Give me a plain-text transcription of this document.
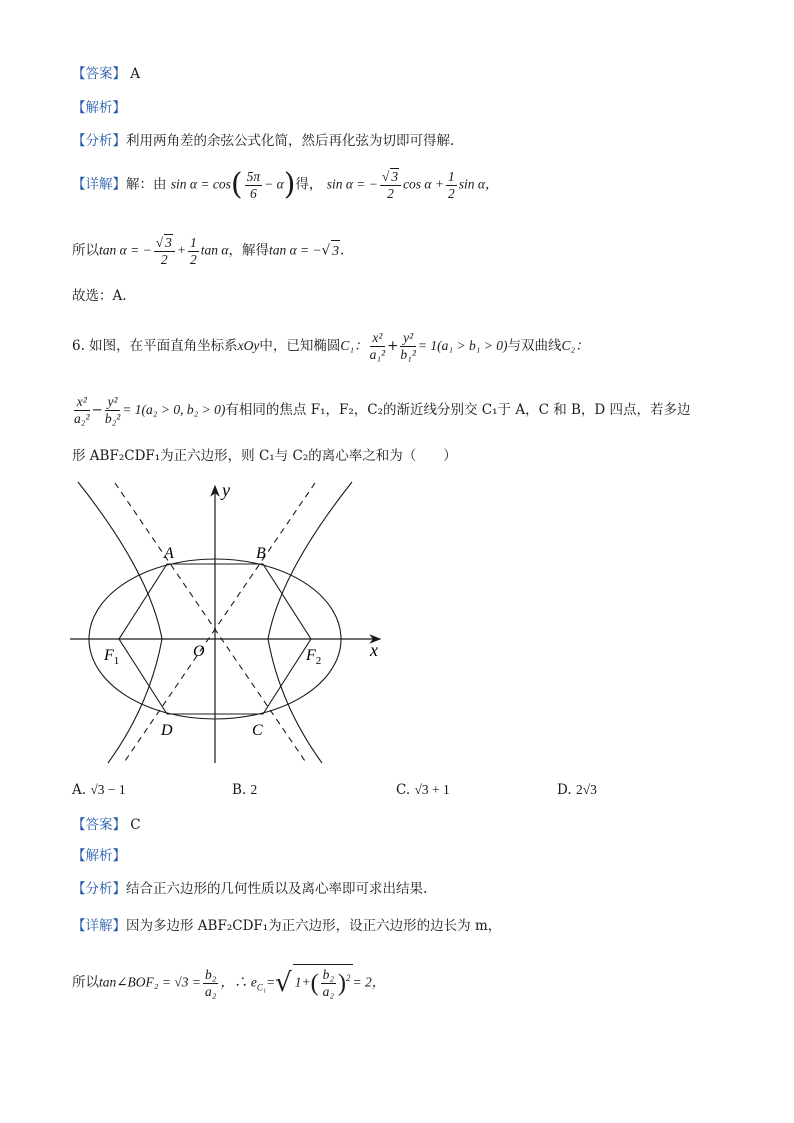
【答案】 A
【解析】
【分析】利用两角差的余弦公式化简，然后再化弦为切即可得解.
【详解】解：由 $\sin \alpha = \cos( \frac{5\pi}{6} - \alpha)$得， sin α = − $\frac{√ 3}{2}$ $\cos \alpha + \frac{1}{2}$ sin α，
所以tan α = − $\frac{√ 3}{2} + \frac{1}{2}$ tan α，解得tan α = −√ 3.
故选：A.
6. 如图，在平面直角坐标系xOy中，已知椭圆C₁： $\frac{\text{x²}}{\text{a₁²}} + \frac{\text{y²}}{\text{b₁²}} = 1(a_1 > b_1 > 0)$与双曲线C₂：
$\frac{\text{x²}}{\text{a₂²}} - \frac{\text{y²}}{\text{b₂²}} = 1(a_2 > 0$, b₂ > 0)有相同的焦点 F₁，F₂，C₂的渐近线分别交 C₁于 A，C 和 B，D 四点，若多边
形 ABF₂CDF₁为正六边形，则 C₁与 C₂的离心率之和为（　　）
y
x
O
A	B
C
D
$F_1$	$F_2$
A. √3 − 1	B. 2	C. √3 + 1	D. 2√3
【答案】 C
【解析】
【分析】结合正六边形的几何性质以及离心率即可求出结果.
【详解】因为多边形 ABF₂CDF₁为正六边形，设正六边形的边长为 m，
所以tan∠BOF₂ = $√3 = \frac{\text{b₂}}{\text{a₂}}$ ，∴ $e_{C_1}=√$ $1+( \frac{\text{b₂}}{\text{a₂}} )^2 = 2$，
